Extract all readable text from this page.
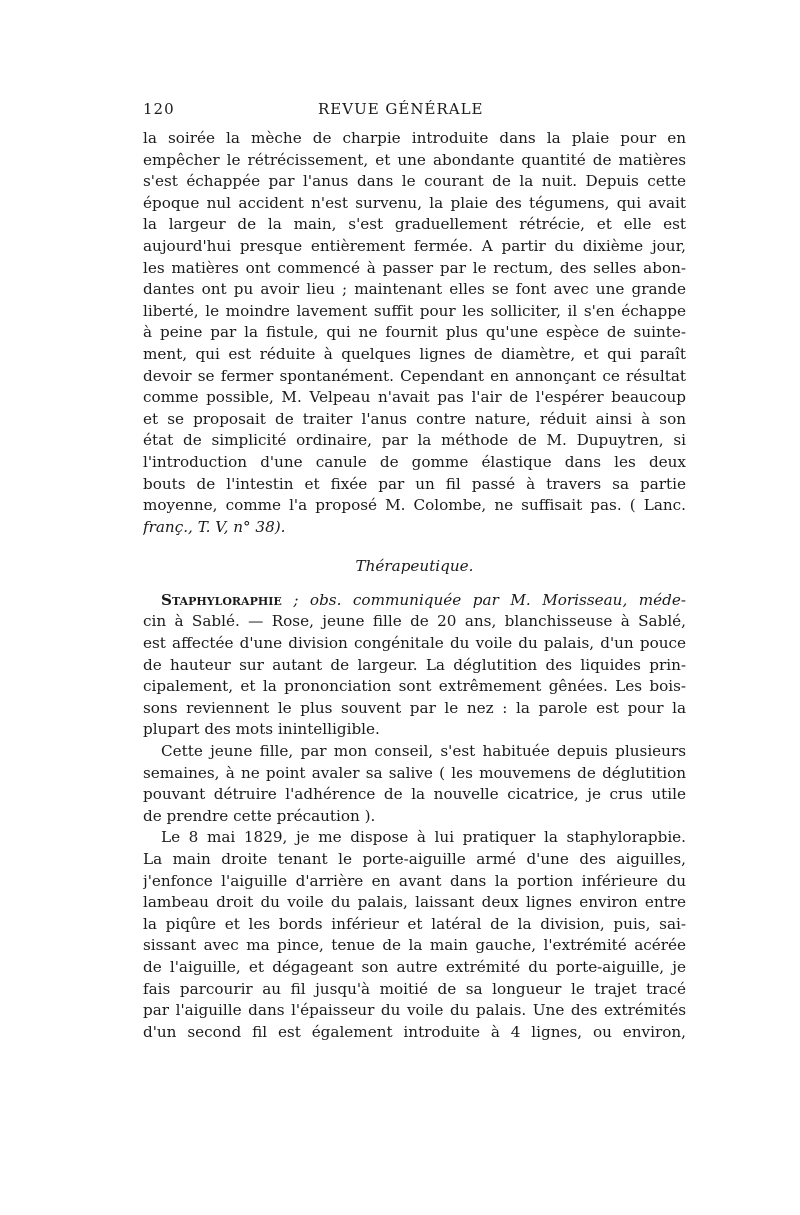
120	REVUE GÉNÉRALE
la soirée la mèche de charpie introduite dans la plaie pour en
empêcher le rétrécissement, et une abondante quantité de matières
s'est échappée par l'anus dans le courant de la nuit. Depuis cette
époque nul accident n'est survenu, la plaie des tégumens, qui avait
la largeur de la main, s'est graduellement rétrécie, et elle est
aujourd'hui presque entièrement fermée. A partir du dixième jour,
les matières ont commencé à passer par le rectum, des selles abon-
dantes ont pu avoir lieu ; maintenant elles se font avec une grande
liberté, le moindre lavement suffit pour les solliciter, il s'en échappe
à peine par la fistule, qui ne fournit plus qu'une espèce de suinte-
ment, qui est réduite à quelques lignes de diamètre, et qui paraît
devoir se fermer spontanément. Cependant en annonçant ce résultat
comme possible, M. Velpeau n'avait pas l'air de l'espérer beaucoup
et se proposait de traiter l'anus contre nature, réduit ainsi à son
état de simplicité ordinaire, par la méthode de M. Dupuytren, si
l'introduction d'une canule de gomme élastique dans les deux
bouts de l'intestin et fixée par un fil passé à travers sa partie
moyenne, comme l'a proposé M. Colombe, ne suffisait pas. ( Lanc.
franç., T. V, n° 38).
Thérapeutique.
Staphyloraphie ; obs. communiquée par M. Morisseau, méde-
cin à Sablé. — Rose, jeune fille de 20 ans, blanchisseuse à Sablé,
est affectée d'une division congénitale du voile du palais, d'un pouce
de hauteur sur autant de largeur. La déglutition des liquides prin-
cipalement, et la prononciation sont extrêmement gênées. Les bois-
sons reviennent le plus souvent par le nez : la parole est pour la
plupart des mots inintelligible.
Cette jeune fille, par mon conseil, s'est habituée depuis plusieurs
semaines, à ne point avaler sa salive ( les mouvemens de déglutition
pouvant détruire l'adhérence de la nouvelle cicatrice, je crus utile
de prendre cette précaution ).
Le 8 mai 1829, je me dispose à lui pratiquer la staphylorapbie.
La main droite tenant le porte-aiguille armé d'une des aiguilles,
j'enfonce l'aiguille d'arrière en avant dans la portion inférieure du
lambeau droit du voile du palais, laissant deux lignes environ entre
la piqûre et les bords inférieur et latéral de la division, puis, sai-
sissant avec ma pince, tenue de la main gauche, l'extrémité acérée
de l'aiguille, et dégageant son autre extrémité du porte-aiguille, je
fais parcourir au fil jusqu'à moitié de sa longueur le trajet tracé
par l'aiguille dans l'épaisseur du voile du palais. Une des extrémités
d'un second fil est également introduite à 4 lignes, ou environ,
